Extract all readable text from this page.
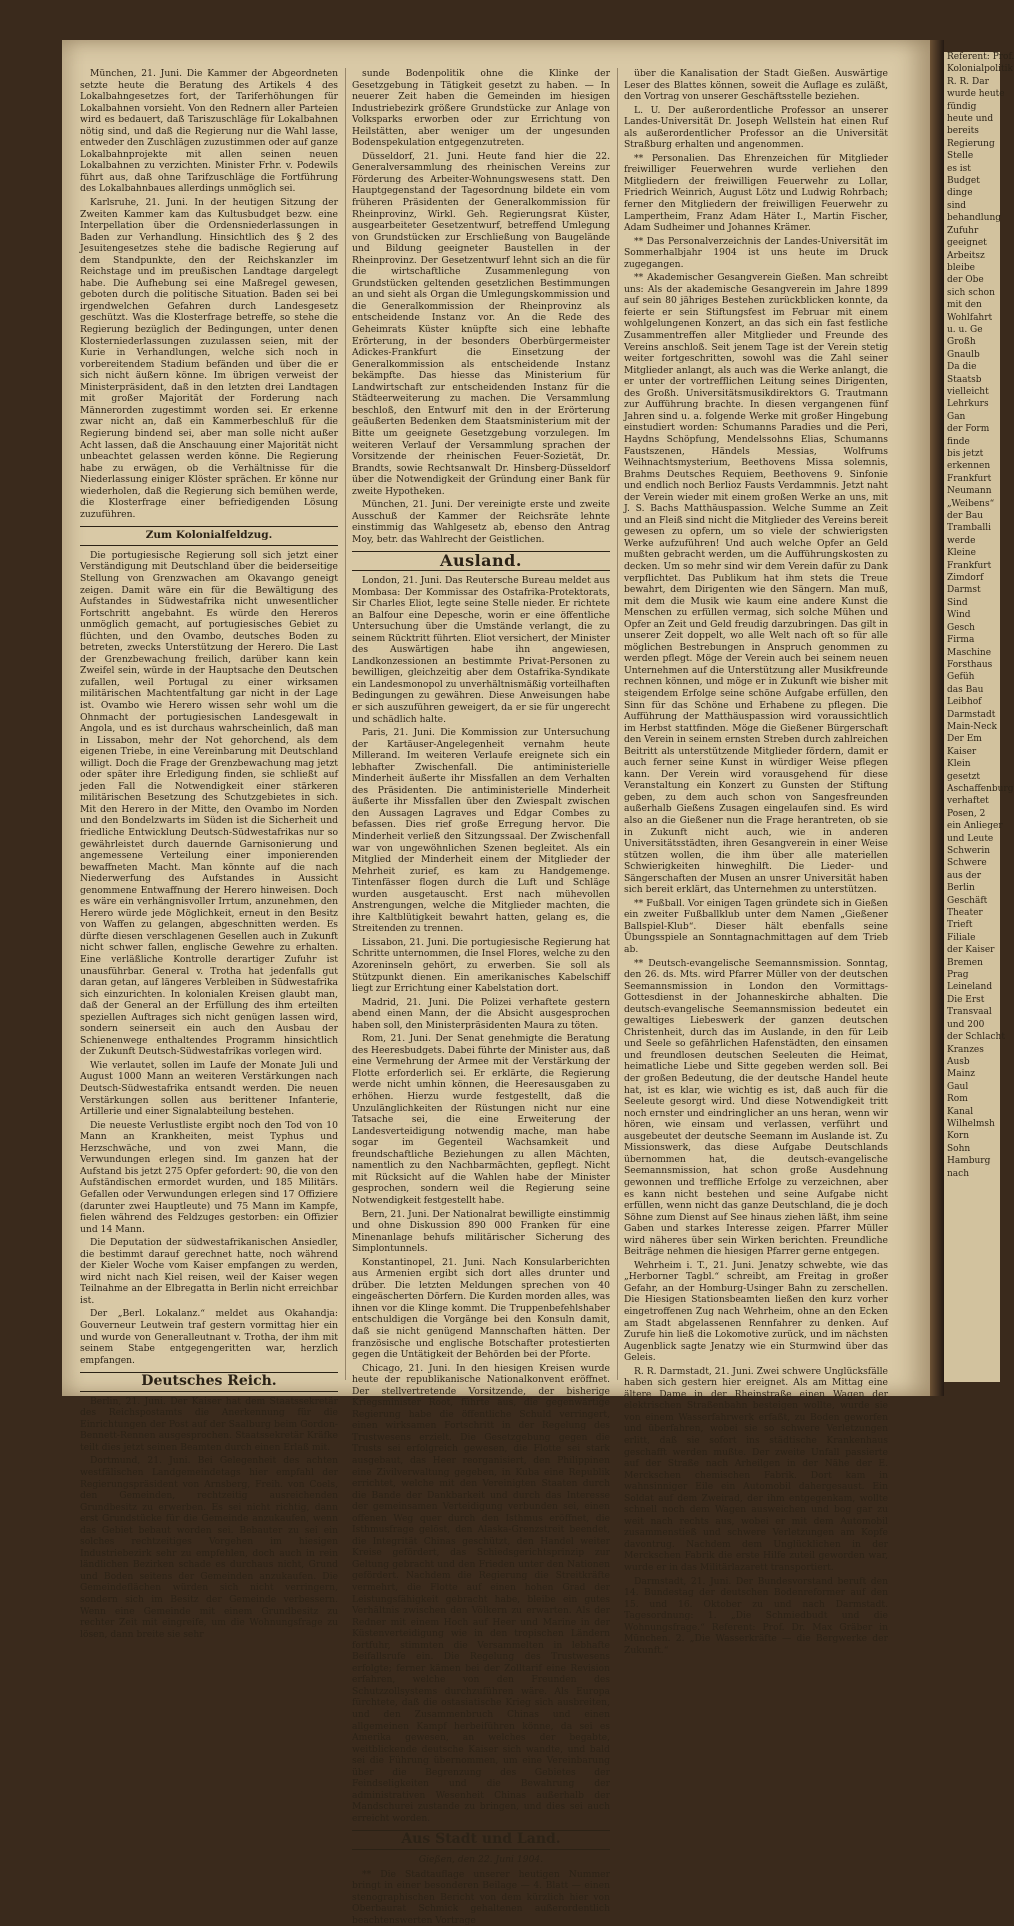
München, 21. Juni. Die Kammer der Abgeordneten setzte heute die Beratung des Artikels 4 des Lokalbahngesetzes fort, der Tariferhöhungen für Lokalbahnen vorsieht. Von den Rednern aller Parteien wird es bedauert, daß Tariszuschläge für Lokalbahnen nötig sind, und daß die Regierung nur die Wahl lasse, entweder den Zuschlägen zuzustimmen oder auf ganze Lokalbahnprojekte mit allen seinen neuen Lokalbahnen zu verzichten. Minister Frhr. v. Podewils führt aus, daß ohne Tarifzuschläge die Fortführung des Lokalbahnbaues allerdings unmöglich sei.

Karlsruhe, 21. Juni. In der heutigen Sitzung der Zweiten Kammer kam das Kultusbudget bezw. eine Interpellation über die Ordensniederlassungen in Baden zur Verhandlung. Hinsichtlich des § 2 des Jesuitengesetzes stehe die badische Regierung auf dem Standpunkte, den der Reichskanzler im Reichstage und im preußischen Landtage dargelegt habe. Die Aufhebung sei eine Maßregel gewesen, geboten durch die politische Situation. Baden sei bei irgendwelchen Gefahren durch Landesgesetz geschützt. Was die Klosterfrage betreffe, so stehe die Regierung bezüglich der Bedingungen, unter denen Klosterniederlassungen zuzulassen seien, mit der Kurie in Verhandlungen, welche sich noch in vorbereitendem Stadium befänden und über die er sich nicht äußern könne. Im übrigen verweist der Ministerpräsident, daß in den letzten drei Landtagen mit großer Majorität der Forderung nach Männerorden zugestimmt worden sei. Er erkenne zwar nicht an, daß ein Kammerbeschluß für die Regierung bindend sei, aber man solle nicht außer Acht lassen, daß die Anschauung einer Majorität nicht unbeachtet gelassen werden könne. Die Regierung habe zu erwägen, ob die Verhältnisse für die Niederlassung einiger Klöster sprächen. Er könne nur wiederholen, daß die Regierung sich bemühen werde, die Klosterfrage einer befriedigenden Lösung zuzuführen.

Zum Kolonialfeldzug.

Die portugiesische Regierung soll sich jetzt einer Verständigung mit Deutschland über die beiderseitige Stellung von Grenzwachen am Okavango geneigt zeigen. Damit wäre ein für die Bewältigung des Aufstandes in Südwestafrika nicht unwesentlicher Fortschritt angebahnt. Es würde den Hereros unmöglich gemacht, auf portugiesisches Gebiet zu flüchten, und den Ovambo, deutsches Boden zu betreten, zwecks Unterstützung der Herero. Die Last der Grenzbewachung freilich, darüber kann kein Zweifel sein, würde in der Hauptsache den Deutschen zufallen, weil Portugal zu einer wirksamen militärischen Machtentfaltung gar nicht in der Lage ist. Ovambo wie Herero wissen sehr wohl um die Ohnmacht der portugiesischen Landesgewalt in Angola, und es ist durchaus wahrscheinlich, daß man in Lissabon, mehr der Not gehorchend, als dem eigenen Triebe, in eine Vereinbarung mit Deutschland willigt. Doch die Frage der Grenzbewachung mag jetzt oder später ihre Erledigung finden, sie schließt auf jeden Fall die Notwendigkeit einer stärkeren militärischen Besetzung des Schutzgebietes in sich. Mit den Herero in der Mitte, den Ovambo im Norden und den Bondelzwarts im Süden ist die Sicherheit und friedliche Entwicklung Deutsch-Südwestafrikas nur so gewährleistet durch dauernde Garnisonierung und angemessene Verteilung einer imponierenden bewaffneten Macht. Man könnte auf die nach Niederwerfung des Aufstandes in Aussicht genommene Entwaffnung der Herero hinweisen. Doch es wäre ein verhängnisvoller Irrtum, anzunehmen, den Herero würde jede Möglichkeit, erneut in den Besitz von Waffen zu gelangen, abgeschnitten werden. Es dürfte diesen verschlagenen Gesellen auch in Zukunft nicht schwer fallen, englische Gewehre zu erhalten. Eine verläßliche Kontrolle derartiger Zufuhr ist unausführbar. General v. Trotha hat jedenfalls gut daran getan, auf längeres Verbleiben in Südwestafrika sich einzurichten. In kolonialen Kreisen glaubt man, daß der General an der Erfüllung des ihm erteilten speziellen Auftrages sich nicht genügen lassen wird, sondern seinerseit ein auch den Ausbau der Schienenwege enthaltendes Programm hinsichtlich der Zukunft Deutsch-Südwestafrikas vorlegen wird.

Wie verlautet, sollen im Laufe der Monate Juli und August 1000 Mann an weiteren Verstärkungen nach Deutsch-Südwestafrika entsandt werden. Die neuen Verstärkungen sollen aus berittener Infanterie, Artillerie und einer Signalabteilung bestehen.

Die neueste Verlustliste ergibt noch den Tod von 10 Mann an Krankheiten, meist Typhus und Herzschwäche, und von zwei Mann, die Verwundungen erlegen sind. Im ganzen hat der Aufstand bis jetzt 275 Opfer gefordert: 90, die von den Aufständischen ermordet wurden, und 185 Militärs. Gefallen oder Verwundungen erlegen sind 17 Offiziere (darunter zwei Hauptleute) und 75 Mann im Kampfe, fielen während des Feldzuges gestorben: ein Offizier und 14 Mann.

Die Deputation der südwestafrikanischen Ansiedler, die bestimmt darauf gerechnet hatte, noch während der Kieler Woche vom Kaiser empfangen zu werden, wird nicht nach Kiel reisen, weil der Kaiser wegen Teilnahme an der Elbregatta in Berlin nicht erreichbar ist.

Der „Berl. Lokalanz.“ meldet aus Okahandja: Gouverneur Leutwein traf gestern vormittag hier ein und wurde von Generalleutnant v. Trotha, der ihm mit seinem Stabe entgegengeritten war, herzlich empfangen.

Deutsches Reich.

Berlin, 21. Juni. Der Kaiser hat dem Staatssekretär des Reichspostamts die Anerkennung für die Einrichtungen der Post auf der Saalburg beim Gordon-Bennett-Rennen ausgesprochen. Staatssekretär Kräfke teilt dies jetzt seinen Beamten durch einen Erlaß mit.

Dortmund, 21. Juni. Bei Gelegenheit des achten westfälischen Landgemeindetags hier empfahl der Regierungspräsident von Arnsberg, Freih. von Coels, den Gemeinden, rechtzeitig ausreichenden Grundbesitz zu erwerben. Es sei nicht richtig, dann erst Grundstücke für die Gemeinde anzukaufen, wenn das Gebiet bebaut worden sei. Bebauter zu sei ein solches rechtzeitiges Vorgehen im hiesigen Industriebezirk sehr zu empfehlen, doch auch in rein ländlichen Bezirken schade es durchaus nicht, Grund und Boden seitens der Gemeinden anzukaufen. Die Gemeindeflächen würden sich nicht verringern, sondern sich im Besitz der Gemeinde verbessern. Wenn eine Gemeinde mit einem Grundbesitz zu rechter Zeit mit eingreife, um die Wohnungsfrage zu lösen, dann breite sie sehr

sunde Bodenpolitik ohne die Klinke der Gesetzgebung in Tätigkeit gesetzt zu haben. — In neuerer Zeit haben die Gemeinden im hiesigen Industriebezirk größere Grundstücke zur Anlage von Volksparks erworben oder zur Errichtung von Heilstätten, aber weniger um der ungesunden Bodenspekulation entgegenzutreten.

Düsseldorf, 21. Juni. Heute fand hier die 22. Generalversammlung des rheinischen Vereins zur Förderung des Arbeiter-Wohnungswesens statt. Den Hauptgegenstand der Tagesordnung bildete ein vom früheren Präsidenten der Generalkommission für Rheinprovinz, Wirkl. Geh. Regierungsrat Küster, ausgearbeiteter Gesetzentwurf, betreffend Umlegung von Grundstücken zur Erschließung von Baugelände und Bildung geeigneter Baustellen in der Rheinprovinz. Der Gesetzentwurf lehnt sich an die für die wirtschaftliche Zusammenlegung von Grundstücken geltenden gesetzlichen Bestimmungen an und sieht als Organ die Umlegungskommission und die Generalkommission der Rheinprovinz als entscheidende Instanz vor. An die Rede des Geheimrats Küster knüpfte sich eine lebhafte Erörterung, in der besonders Oberbürgermeister Adickes-Frankfurt die Einsetzung der Generalkommission als entscheidende Instanz bekämpfte. Das hiesse das Ministerium für Landwirtschaft zur entscheidenden Instanz für die Städteerweiterung zu machen. Die Versammlung beschloß, den Entwurf mit den in der Erörterung geäußerten Bedenken dem Staatsministerium mit der Bitte um geeignete Gesetzgebung vorzulegen. Im weiteren Verlauf der Versammlung sprachen der Vorsitzende der rheinischen Feuer-Sozietät, Dr. Brandts, sowie Rechtsanwalt Dr. Hinsberg-Düsseldorf über die Notwendigkeit der Gründung einer Bank für zweite Hypotheken.

München, 21. Juni. Der vereinigte erste und zweite Ausschuß der Kammer der Reichsräte lehnte einstimmig das Wahlgesetz ab, ebenso den Antrag Moy, betr. das Wahlrecht der Geistlichen.

Ausland.

London, 21. Juni. Das Reutersche Bureau meldet aus Mombasa: Der Kommissar des Ostafrika-Protektorats, Sir Charles Eliot, legte seine Stelle nieder. Er richtete an Balfour eine Depesche, worin er eine öffentliche Untersuchung über die Umstände verlangt, die zu seinem Rücktritt führten. Eliot versichert, der Minister des Auswärtigen habe ihn angewiesen, Landkonzessionen an bestimmte Privat-Personen zu bewilligen, gleichzeitig aber dem Ostafrika-Syndikate ein Landesmonopol zu unverhältnismäßig vorteilhaften Bedingungen zu gewähren. Diese Anweisungen habe er sich auszuführen geweigert, da er sie für ungerecht und schädlich halte.

Paris, 21. Juni. Die Kommission zur Untersuchung der Kartäuser-Angelegenheit vernahm heute Millerand. Im weiteren Verlaufe ereignete sich ein lebhafter Zwischenfall. Die antiministerielle Minderheit äußerte ihr Missfallen an dem Verhalten des Präsidenten. Die antiministerielle Minderheit äußerte ihr Missfallen über den Zwiespalt zwischen den Aussagen Lagraves und Edgar Combes zu befassen. Dies rief große Erregung hervor. Die Minderheit verließ den Sitzungssaal. Der Zwischenfall war von ungewöhnlichen Szenen begleitet. Als ein Mitglied der Minderheit einem der Mitglieder der Mehrheit zurief, es kam zu Handgemenge. Tintenfässer flogen durch die Luft und Schläge wurden ausgetauscht. Erst nach mühevollen Anstrengungen, welche die Mitglieder machten, die ihre Kaltblütigkeit bewahrt hatten, gelang es, die Streitenden zu trennen.

Lissabon, 21. Juni. Die portugiesische Regierung hat Schritte unternommen, die Insel Flores, welche zu den Azoreninseln gehört, zu erwerben. Sie soll als Stützpunkt dienen. Ein amerikanisches Kabelschiff liegt zur Errichtung einer Kabelstation dort.

Madrid, 21. Juni. Die Polizei verhaftete gestern abend einen Mann, der die Absicht ausgesprochen haben soll, den Ministerpräsidenten Maura zu töten.

Rom, 21. Juni. Der Senat genehmigte die Beratung des Heeresbudgets. Dabei führte der Minister aus, daß eine Vermehrung der Armee mit der Verstärkung der Flotte erforderlich sei. Er erklärte, die Regierung werde nicht umhin können, die Heeresausgaben zu erhöhen. Hierzu wurde festgestellt, daß die Unzulänglichkeiten der Rüstungen nicht nur eine Tatsache sei, die eine Erweiterung der Landesverteidigung notwendig mache, man habe sogar im Gegenteil Wachsamkeit und freundschaftliche Beziehungen zu allen Mächten, namentlich zu den Nachbarmächten, gepflegt. Nicht mit Rücksicht auf die Wahlen habe der Minister gesprochen, sondern weil die Regierung seine Notwendigkeit festgestellt habe.

Bern, 21. Juni. Der Nationalrat bewilligte einstimmig und ohne Diskussion 890 000 Franken für eine Minenanlage behufs militärischer Sicherung des Simplontunnels.

Konstantinopel, 21. Juni. Nach Konsularberichten aus Armenien ergibt sich dort alles drunter und drüber. Die letzten Meldungen sprechen von 40 eingeäscherten Dörfern. Die Kurden morden alles, was ihnen vor die Klinge kommt. Die Truppenbefehlshaber entschuldigen die Vorgänge bei den Konsuln damit, daß sie nicht genügend Mannschaften hätten. Der französische und englische Botschafter protestierten gegen die Untätigkeit der Behörden bei der Pforte.

Chicago, 21. Juni. In den hiesigen Kreisen wurde heute der republikanische Nationalkonvent eröffnet. Der stellvertretende Vorsitzende, der bisherige Kriegsminister Root, führte aus, die gegenwärtige Regierung habe die öffentliche Schuld verringert, einen wirksamen Fortschritt in der Regelung des Trustwesens erzielt. Die Gesetzgebung gegen die Trusts sei erfolgreich gewesen, die Flotte sei stark ausgebaut, das Heer reorganisiert, den Philippinen eine Zivilverwaltung gegeben, in Kuba eine Republik errichtet, welche mit den Vereinigten Staaten durch die Bande der Dankbarkeit und durch das Interesse der gemeinsamen Verteidigung verbunden sei, einen offenen Weg quer durch den Isthmus eröffnet, die Isthmusfrage gelöst, den Alaska-Grenzstreit beendet, die Integrität Chinas geschützt, den Handel weiter Kreise gefördert, das Schiedsgerichtsprinzip zur Geltung gebracht und den Frieden unter den Nationen gefördert. Nachdem die Regierung die Streitkräfte vermehrt, die Flotte auf einen hohen Grad der Leistungsfähigkeit gebracht habe, bleibe ein gutes Verhältnis zwischen den Völkern zu erwarten. Als der Redner mit einem Hoch auf Heer und Marine in der Küstenverteidigung wie in den tropischen Ländern fortfuhr, stimmten die Versammelten in lebhafte Beifallsrufe ein. Die Regelung des Trustwesens erfolgte; ferner kämen bei der Zolltarif eine Revision erfahren, welche von den Freunden des Schutzzollsystems durchzuführen wäre. Als Europa fürchtete, daß die ostasiatische Krieg sich ausbreiten, und den Zusammenbruch Chinas und einen allgemeinen Kampf herbeiführen könne, da sei es Amerika gewesen, an welches der begabte, weitblickende deutsche Kaiser sich wandte, und bald sei die Führung übernommen, um eine Vereinbarung über die Begrenzung des Gebietes der Feindseligkeiten und die Bewahrung der administrativen Wesenheit Chinas außerhalb der Mandschurei zustande zu bringen, und dies sei auch erreicht worden.

Aus Stadt und Land.
Gießen, den 22. Juni 1904.

** Die Stadtauflage unserer heutigen Nummer bringt in einer besonderen Beilage — 4. Blatt — einen stenographischen Bericht von dem kürzlich hier von Oberbaurat Schmick gehaltenen außerordentlich beachtenswerten Vortrage

über die Kanalisation der Stadt Gießen. Auswärtige Leser des Blattes können, soweit die Auflage es zuläßt, den Vortrag von unserer Geschäftsstelle beziehen.

L. U. Der außerordentliche Professor an unserer Landes-Universität Dr. Joseph Wellstein hat einen Ruf als außerordentlicher Professor an die Universität Straßburg erhalten und angenommen.

** Personalien. Das Ehrenzeichen für Mitglieder freiwilliger Feuerwehren wurde verliehen den Mitgliedern der freiwilligen Feuerwehr zu Lollar, Friedrich Weinrich, August Lötz und Ludwig Rohrbach; ferner den Mitgliedern der freiwilligen Feuerwehr zu Lampertheim, Franz Adam Häter I., Martin Fischer, Adam Sudheimer und Johannes Krämer.

** Das Personalverzeichnis der Landes-Universität im Sommerhalbjahr 1904 ist uns heute im Druck zugegangen.

** Akademischer Gesangverein Gießen. Man schreibt uns: Als der akademische Gesangverein im Jahre 1899 auf sein 80 jähriges Bestehen zurückblicken konnte, da feierte er sein Stiftungsfest im Februar mit einem wohlgelungenen Konzert, an das sich ein fast festliche Zusammentreffen aller Mitglieder und Freunde des Vereins anschloß. Seit jenem Tage ist der Verein stetig weiter fortgeschritten, sowohl was die Zahl seiner Mitglieder anlangt, als auch was die Werke anlangt, die er unter der vortrefflichen Leitung seines Dirigenten, des Großh. Universitätsmusikdirektors G. Trautmann zur Aufführung brachte. In diesen vergangenen fünf Jahren sind u. a. folgende Werke mit großer Hingebung einstudiert worden: Schumanns Paradies und die Peri, Haydns Schöpfung, Mendelssohns Elias, Schumanns Faustszenen, Händels Messias, Wolfrums Weihnachtsmysterium, Beethovens Missa solemnis, Brahms Deutsches Requiem, Beethovens 9. Sinfonie und endlich noch Berlioz Fausts Verdammnis. Jetzt naht der Verein wieder mit einem großen Werke an uns, mit J. S. Bachs Matthäuspassion. Welche Summe an Zeit und an Fleiß sind nicht die Mitglieder des Vereins bereit gewesen zu opfern, um so viele der schwierigsten Werke aufzuführen! Und auch welche Opfer an Geld mußten gebracht werden, um die Aufführungskosten zu decken. Um so mehr sind wir dem Verein dafür zu Dank verpflichtet. Das Publikum hat ihm stets die Treue bewahrt, dem Dirigenten wie den Sängern. Man muß, mit dem die Musik wie kaum eine andere Kunst die Menschen zu erfüllen vermag, sich solche Mühen und Opfer an Zeit und Geld freudig darzubringen. Das gilt in unserer Zeit doppelt, wo alle Welt nach oft so für alle möglichen Bestrebungen in Anspruch genommen zu werden pflegt. Möge der Verein auch bei seinem neuen Unternehmen auf die Unterstützung aller Musikfreunde rechnen können, und möge er in Zukunft wie bisher mit steigendem Erfolge seine schöne Aufgabe erfüllen, den Sinn für das Schöne und Erhabene zu pflegen. Die Aufführung der Matthäuspassion wird voraussichtlich im Herbst stattfinden. Möge die Gießener Bürgerschaft den Verein in seinem ernsten Streben durch zahlreichen Beitritt als unterstützende Mitglieder fördern, damit er auch ferner seine Kunst in würdiger Weise pflegen kann. Der Verein wird vorausgehend für diese Veranstaltung ein Konzert zu Gunsten der Stiftung geben, zu dem auch schon von Sangesfreunden außerhalb Gießens Zusagen eingelaufen sind. Es wird also an die Gießener nun die Frage herantreten, ob sie in Zukunft nicht auch, wie in anderen Universitätsstädten, ihren Gesangverein in einer Weise stützen wollen, die ihm über alle materiellen Schwierigkeiten hinweghilft. Die Lieder- und Sängerschaften der Musen an unsrer Universität haben sich bereit erklärt, das Unternehmen zu unterstützen.

** Fußball. Vor einigen Tagen gründete sich in Gießen ein zweiter Fußballklub unter dem Namen „Gießener Ballspiel-Klub“. Dieser hält ebenfalls seine Übungsspiele an Sonntagnachmittagen auf dem Trieb ab.

** Deutsch-evangelische Seemannsmission. Sonntag, den 26. ds. Mts. wird Pfarrer Müller von der deutschen Seemannsmission in London den Vormittags-Gottesdienst in der Johanneskirche abhalten. Die deutsch-evangelische Seemannsmission bedeutet ein gewaltiges Liebeswerk der ganzen deutschen Christenheit, durch das im Auslande, in den für Leib und Seele so gefährlichen Hafenstädten, den einsamen und freundlosen deutschen Seeleuten die Heimat, heimatliche Liebe und Sitte gegeben werden soll. Bei der großen Bedeutung, die der deutsche Handel heute hat, ist es klar, wie wichtig es ist, daß auch für die Seeleute gesorgt wird. Und diese Notwendigkeit tritt noch ernster und eindringlicher an uns heran, wenn wir hören, wie einsam und verlassen, verführt und ausgebeutet der deutsche Seemann im Auslande ist. Zu Missionswerk, das diese Aufgabe Deutschlands übernommen hat, die deutsch-evangelische Seemannsmission, hat schon große Ausdehnung gewonnen und treffliche Erfolge zu verzeichnen, aber es kann nicht bestehen und seine Aufgabe nicht erfüllen, wenn nicht das ganze Deutschland, die je doch Söhne zum Dienst auf See hinaus ziehen läßt, ihm seine Gaben und starkes Interesse zeigen. Pfarrer Müller wird näheres über sein Wirken berichten. Freundliche Beiträge nehmen die hiesigen Pfarrer gerne entgegen.

Wehrheim i. T., 21. Juni. Jenatzy schwebte, wie das „Herborner Tagbl.“ schreibt, am Freitag in großer Gefahr, an der Homburg-Usinger Bahn zu zerschellen. Die Hiesigen Stationsbeamten ließen den kurz vorher eingetroffenen Zug nach Wehrheim, ohne an den Ecken am Stadt abgelassenen Rennfahrer zu denken. Auf Zurufe hin ließ die Lokomotive zurück, und im nächsten Augenblick sagte Jenatzy wie ein Sturmwind über das Geleis.

R. R. Darmstadt, 21. Juni. Zwei schwere Unglücksfälle haben sich gestern hier ereignet. Als am Mittag eine ältere Dame in der Rheinstraße einen Wagen der elektrischen Straßenbahn besteigen wollte, wurde sie von einem Wasserfahrwerk erfaßt, zu Boden geworfen und überfahren, wobei sie so schwere Verletzungen erlitt, daß sie sofort ins städtische Krankenhaus geschafft werden mußte. Der zweite Unfall passierte auf der Straße nach Arheilgen in der Nähe der E. Merckschen chemischen Fabrik. Dort kam in wahnsinniger Eile ein Automobil dahergesaust. Ein Soldat auf dem Zweirad, der ihm entgegenkam, wollte schnell noch dem Wagen ausweichen und bog gar zu weit nach rechts aus, wobei er mit dem Automobil zusammenstieß und schwere Verletzungen am Kopfe davontrug. Nachdem dem Unglücklichen in der Merckschen Fabrik die erste Hilfe zuteil geworden war, wurde er in das Militärlazarett transportiert.

Darmstadt, 21. Juni. Der Bundesvorstand beruft den 14. Bundestag der deutschen Bodenreformer auf den 15. und 16. Oktober zu und nach Darmstadt. Tagesordnung: 1. „Die Schmiedbudt und die Wohnungsfrage.“ Referent: Prof. Dr. Max Gräber in München. 2. „Die Wasserkräfte — die Bergwerke der Zukunft.“

Referent: Prof.

Kolonialpolitik

R. R. Dar

wurde heute

fündig

heute und

bereits

Regierung

Stelle

es ist

Budget

dinge

sind

behandlung

Zufuhr

geeignet

Arbeitsz

bleibe

der Obe

sich schon

mit den

Wohlfahrt

u. u. Ge

Großh

Gnaulb

Da die

Staatsb

vielleicht

Lehrkurs

Gan

der Form

finde

bis jetzt

erkennen

Frankfurt

Neumann

„Weibens“

der Bau

Tramballi

werde

Kleine

Frankfurt

Zimdorf

Darmst

Sind

Wind

Gesch

Firma

Maschine

Forsthaus

Gefüh

das Bau

Leibhof

Darmstadt

Main-Neck

Der Em

Kaiser

Klein

gesetzt

Aschaffenburg

verhaftet

Posen, 2

ein Anlieger

und Leute

Schwerin

Schwere

aus der

Berlin

Geschäft

Theater

Trieft

Filiale

der Kaiser

Bremen

Prag

Leineland

Die Erst

Transvaal

und 200

der Schlacht

Kranzes

Ausb

Mainz

Gaul

Rom

Kanal

Wilhelmsh

Korn

Sohn

Hamburg

nach
